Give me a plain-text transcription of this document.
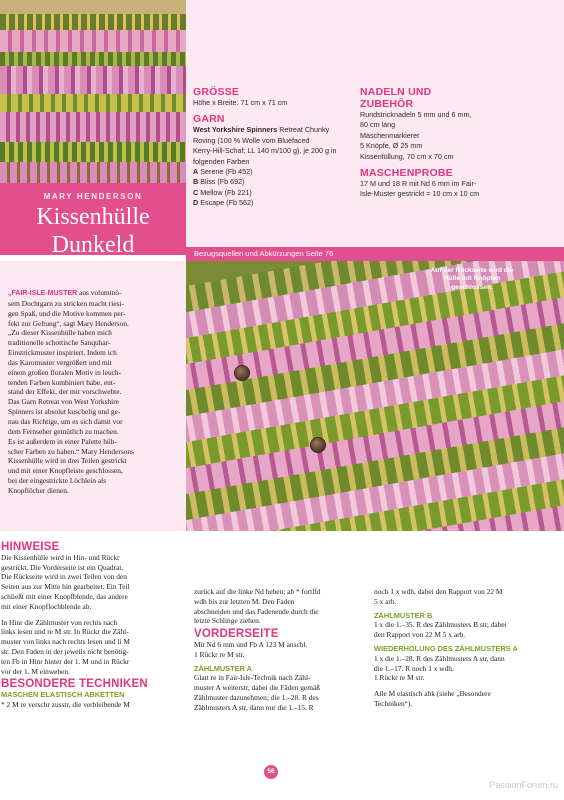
MARY HENDERSON
Kissenhülle
Dunkeld
GRÖSSE
Höhe x Breite: 71 cm x 71 cm
GARN
West Yorkshire Spinners Retreat Chunky
Roving (100 % Wolle vom Bluefaced
Kerry-Hill-Schaf; LL 140 m/100 g), je 200 g in
folgenden Farben
A Serene (Fb 452)
B Bliss (Fb 692)
C Mellow (Fb 221)
D Escape (Fb 562)
NADELN UND
ZUBEHÖR
Rundstricknadeln 5 mm und 6 mm,
80 cm lang
Maschenmarkierer
5 Knöpfe, Ø 25 mm
Kissenfüllung, 70 cm x 70 cm
MASCHENPROBE
17 M und 18 R mit Nd 6 mm im Fair-
Isle-Muster gestrickt = 10 cm x 10 cm
Bezugsquellen und Abkürzungen Seite 76
Auf der Rückseite wird die Hülle mit Knöpfen geschlossen.
„FAIR-ISLE-MUSTER aus voluminö-
sem Dochtgarn zu stricken macht riesi-
gen Spaß, und die Motive kommen per-
fekt zur Geltung“, sagt Mary Henderson.
„Zu dieser Kissenhülle haben mich
traditionelle schottische Sanquhar-
Einstrickmuster inspiriert. Indem ich
das Karomuster vergrößert und mit
einem großen floralen Motiv in leuch-
tenden Farben kombiniert habe, ent-
stand der Effekt, der mir vorschwebte.
Das Garn Retreat von West Yorkshire
Spinners ist absolut kuschelig und ge-
nau das Richtige, um es sich damit vor
dem Fernseher gemütlich zu machen.
Es ist außerdem in einer Palette hüb-
scher Farben zu haben.“ Mary Hendersons
Kissenhülle wird in drei Teilen gestrickt
und mit einer Knopfleiste geschlossen,
bei der eingestrickte Löchlein als
Knopflöcher dienen.
HINWEISE
Die Kissenhülle wird in Hin- und Rückr
gestrickt. Die Vorderseite ist ein Quadrat.
Die Rückseite wird in zwei Teilen von den
Seiten aus zur Mitte hin gearbeitet. Ein Teil
schließt mit einer Knopfblende, das andere
mit einer Knopflochblende ab.
In Hinr die Zählmuster von rechts nach
links lesen und re M str. In Rückr die Zähl-
muster von links nach rechts lesen und li M
str. Den Faden in der jeweils nicht benötig-
ten Fb in Hinr hinter der 1. M und in Rückr
vor der 1. M einweben.
BESONDERE TECHNIKEN
MASCHEN ELASTISCH ABKETTEN
* 2 M re verschr zusstr, die verbleibende M
zurück auf die linke Nd heben; ab * fortlfd
wdh bis zur letzten M. Den Faden
abschneiden und das Fadenende durch die
letzte Schlinge ziehen.
VORDERSEITE
Mit Nd 6 mm und Fb A 123 M anschl.
1 Rückr re M str.
ZÄHLMUSTER A
Glatt re in Fair-Isle-Technik nach Zähl-
muster A weiterstr, dabei die Fäden gemäß
Zählmuster dazunehmen; die 1.–28. R des
Zählmusters A str, dann nur die 1.–15. R
noch 1 x wdh, dabei den Rapport von 22 M
5 x arb.
ZÄHLMUSTER B
1 x die 1.–35. R des Zählmusters B str, dabei
den Rapport von 22 M 5 x arb.
WIEDERHOLUNG DES ZÄHLMUSTERS A
1 x die 1.–28. R des Zählmusters A str, dann
die 1.–17. R noch 1 x wdh.
1 Rückr re M str.
Alle M elastisch abk (siehe „Besondere
Techniken“).
56
PassionForum.ru
